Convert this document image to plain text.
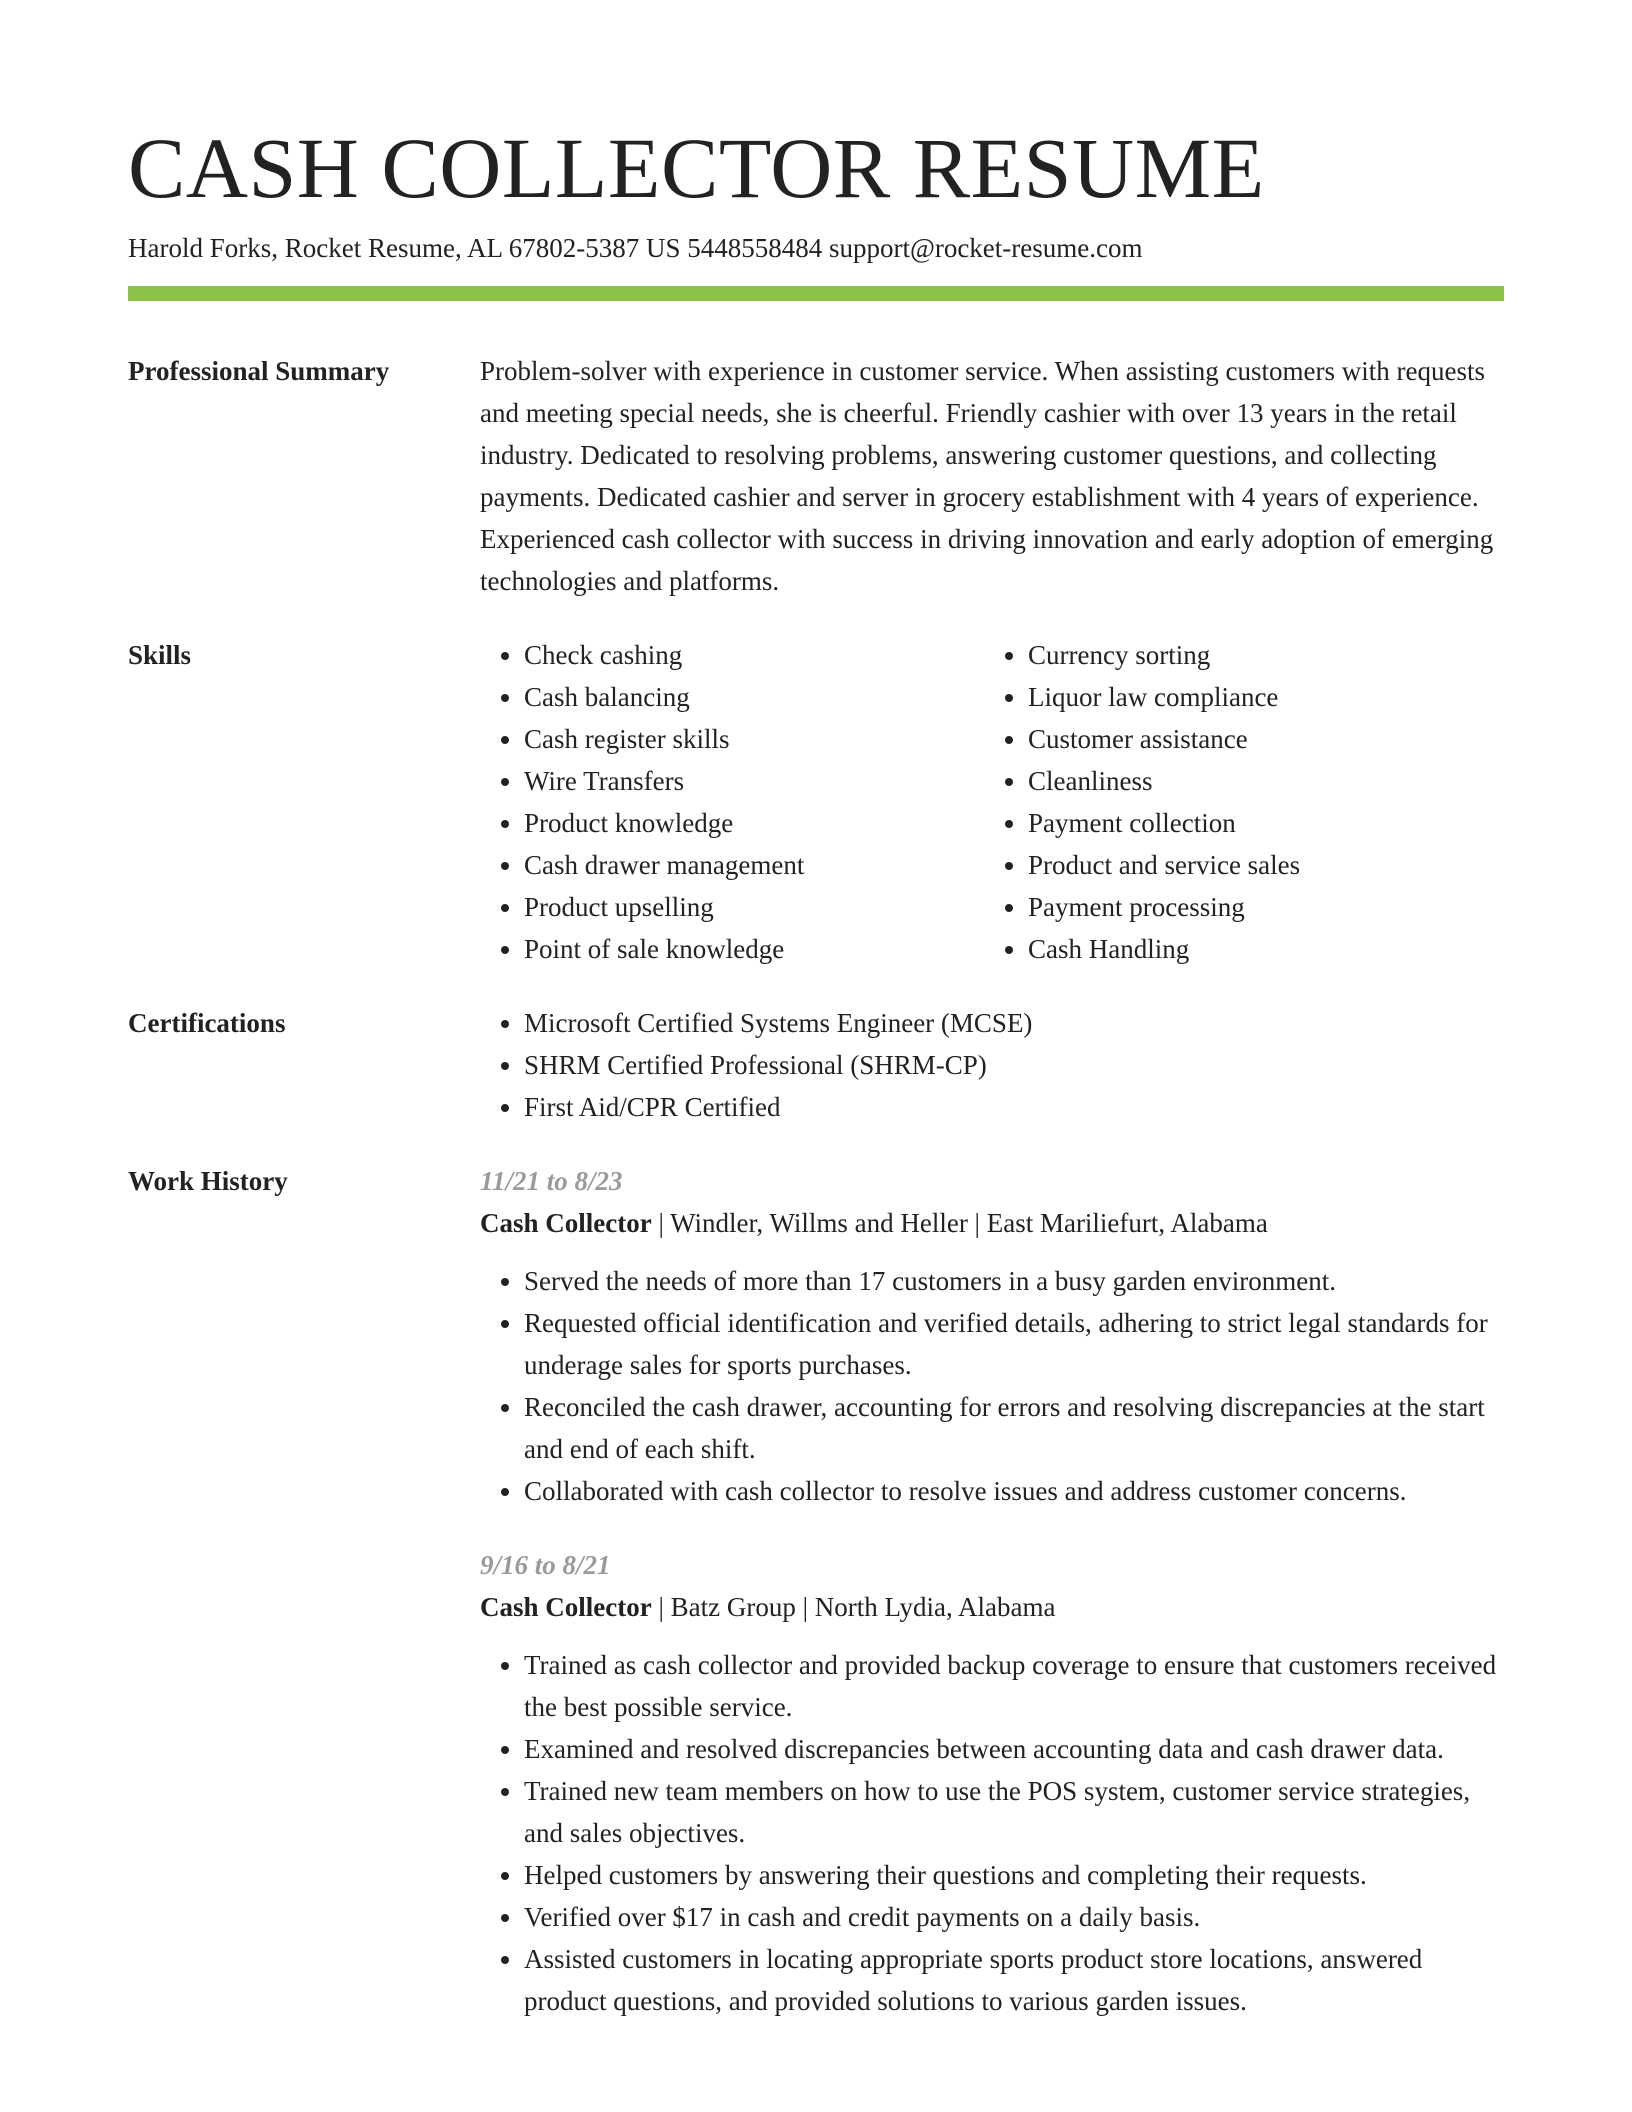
CASH COLLECTOR RESUME
Harold Forks, Rocket Resume, AL 67802-5387 US 5448558484 support@rocket-resume.com
Professional Summary	Problem-solver with experience in customer service. When assisting customers with requests and meeting special needs, she is cheerful. Friendly cashier with over 13 years in the retail industry. Dedicated to resolving problems, answering customer questions, and collecting payments. Dedicated cashier and server in grocery establishment with 4 years of experience. Experienced cash collector with success in driving innovation and early adoption of emerging technologies and platforms.

Skills	• Check cashing
• Cash balancing
• Cash register skills
• Wire Transfers
• Product knowledge
• Cash drawer management
• Product upselling
• Point of sale knowledge
• Currency sorting
• Liquor law compliance
• Customer assistance
• Cleanliness
• Payment collection
• Product and service sales
• Payment processing
• Cash Handling
Certifications	• Microsoft Certified Systems Engineer (MCSE)
• SHRM Certified Professional (SHRM-CP)
• First Aid/CPR Certified
Work History	11/21 to 8/23
Cash Collector | Windler, Willms and Heller | East Mariliefurt, Alabama
• Served the needs of more than 17 customers in a busy garden environment.
• Requested official identification and verified details, adhering to strict legal standards for underage sales for sports purchases.
• Reconciled the cash drawer, accounting for errors and resolving discrepancies at the start and end of each shift.
• Collaborated with cash collector to resolve issues and address customer concerns.
9/16 to 8/21
Cash Collector | Batz Group | North Lydia, Alabama
• Trained as cash collector and provided backup coverage to ensure that customers received the best possible service.
• Examined and resolved discrepancies between accounting data and cash drawer data.
• Trained new team members on how to use the POS system, customer service strategies, and sales objectives.
• Helped customers by answering their questions and completing their requests.
• Verified over $17 in cash and credit payments on a daily basis.
• Assisted customers in locating appropriate sports product store locations, answered product questions, and provided solutions to various garden issues.
